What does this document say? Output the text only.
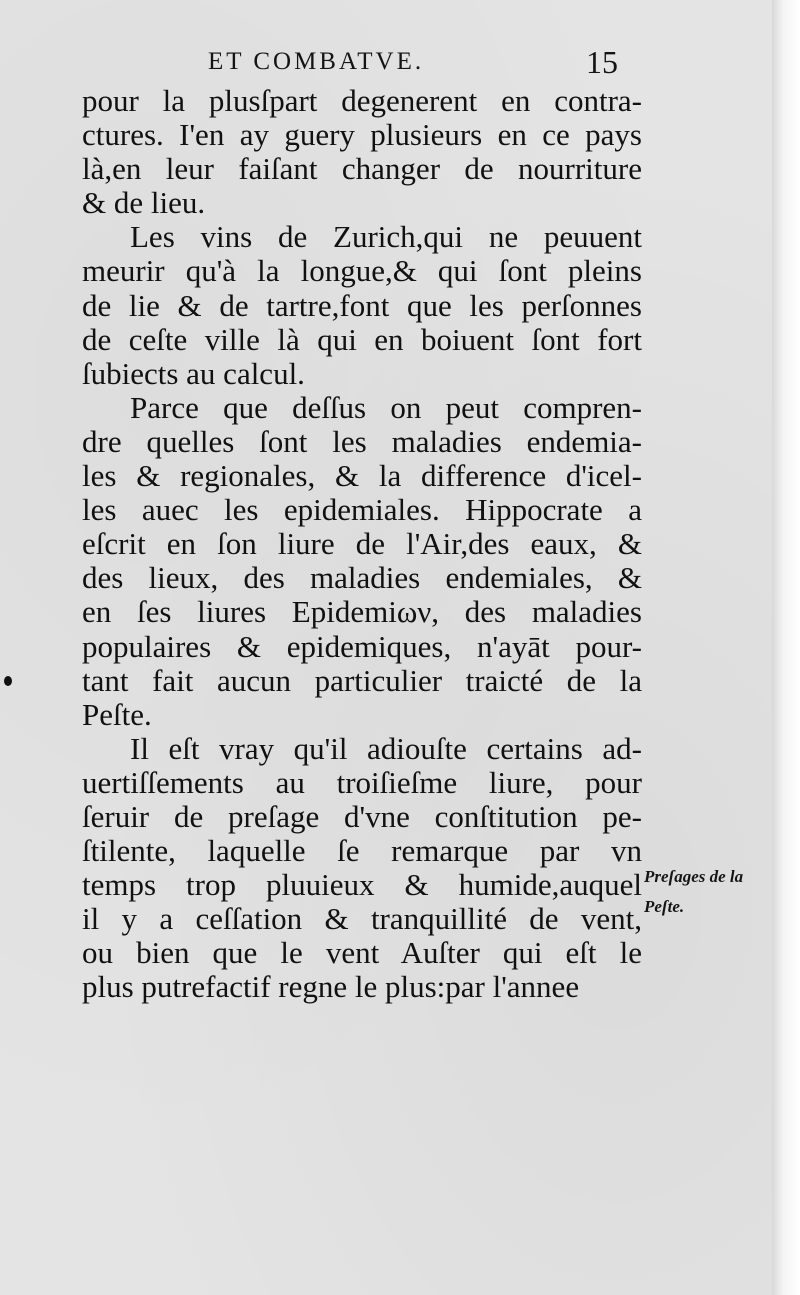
ET COMBATVE.	15
pour la plusſpart degenerent en contra-
ctures. I'en ay guery plusieurs en ce pays
là,en leur faiſant changer de nourriture
& de lieu.
Les vins de Zurich,qui ne peuuent
meurir qu'à la longue,& qui ſont pleins
de lie & de tartre,font que les perſonnes
de ceſte ville là qui en boiuent ſont fort
ſubiects au calcul.
Parce que deſſus on peut compren-
dre quelles ſont les maladies endemia-
les & regionales, & la difference d'icel-
les auec les epidemiales. Hippocrate a
eſcrit en ſon liure de l'Air,des eaux, &
des lieux, des maladies endemiales, &
en ſes liures Epidemiων, des maladies
populaires & epidemiques, n'ayāt pour-
tant fait aucun particulier traicté de la
Peſte.
Il eſt vray qu'il adiouſte certains ad-
uertiſſements au troiſieſme liure, pour
ſeruir de preſage d'vne conſtitution pe-
ſtilente, laquelle ſe remarque par vn
temps trop pluuieux & humide,auquel
il y a ceſſation & tranquillité de vent,
ou bien que le vent Auſter qui eſt le
plus putrefactif regne le plus:par l'annee
Preſages de la
Peſte.
